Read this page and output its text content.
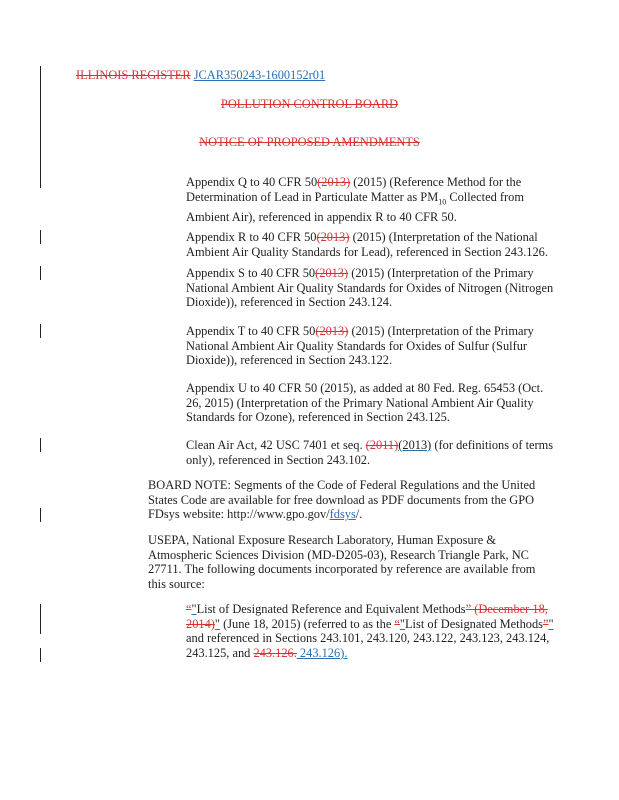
ILLINOIS REGISTER JCAR350243-1600152r01
POLLUTION CONTROL BOARD
NOTICE OF PROPOSED AMENDMENTS
Appendix Q to 40 CFR 50(2013) (2015) (Reference Method for the
Determination of Lead in Particulate Matter as $PM_{10}$ Collected from
Ambient Air), referenced in appendix R to 40 CFR 50.
Appendix R to 40 CFR 50(2013) (2015) (Interpretation of the National
Ambient Air Quality Standards for Lead), referenced in Section 243.126.
Appendix S to 40 CFR 50(2013) (2015) (Interpretation of the Primary
National Ambient Air Quality Standards for Oxides of Nitrogen (Nitrogen
Dioxide)), referenced in Section 243.124.
Appendix T to 40 CFR 50(2013) (2015) (Interpretation of the Primary
National Ambient Air Quality Standards for Oxides of Sulfur (Sulfur
Dioxide)), referenced in Section 243.122.
Appendix U to 40 CFR 50 (2015), as added at 80 Fed. Reg. 65453 (Oct.
26, 2015) (Interpretation of the Primary National Ambient Air Quality
Standards for Ozone), referenced in Section 243.125.
Clean Air Act, 42 USC 7401 et seq. (2011)(2013) (for definitions of terms
only), referenced in Section 243.102.
BOARD NOTE: Segments of the Code of Federal Regulations and the United
States Code are available for free download as PDF documents from the GPO
FDsys website: http://www.gpo.gov/fdsys/.
USEPA, National Exposure Research Laboratory, Human Exposure &
Atmospheric Sciences Division (MD-D205-03), Research Triangle Park, NC
27711. The following documents incorporated by reference are available from
this source:
“"List of Designated Reference and Equivalent Methods” (December 18,
2014)" (June 18, 2015) (referred to as the “"List of Designated Methods”"
and referenced in Sections 243.101, 243.120, 243.122, 243.123, 243.124,
243.125, and 243.126. 243.126).
